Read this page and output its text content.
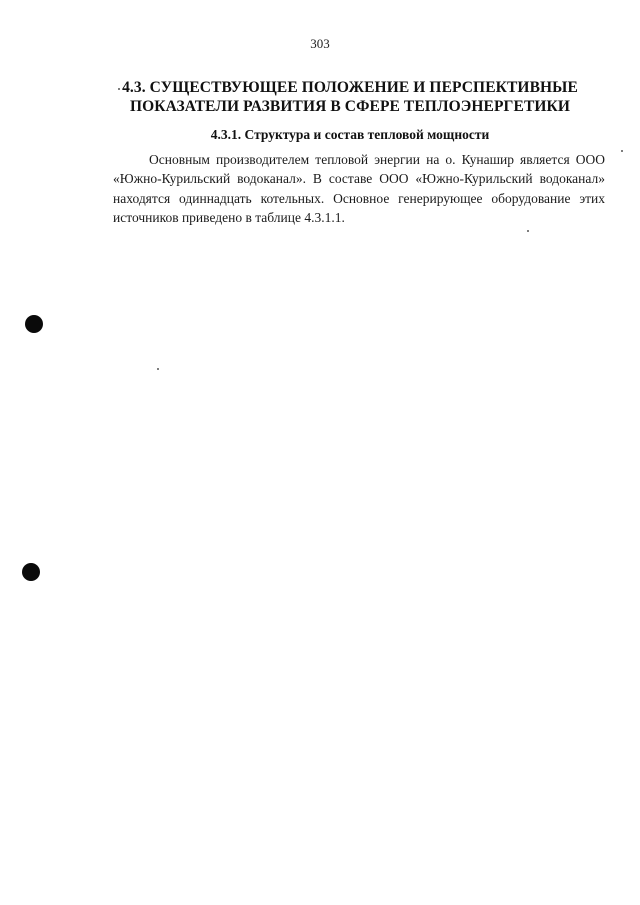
303
4.3. СУЩЕСТВУЮЩЕЕ ПОЛОЖЕНИЕ И ПЕРСПЕКТИВНЫЕ ПОКАЗАТЕЛИ РАЗВИТИЯ В СФЕРЕ ТЕПЛОЭНЕРГЕТИКИ
4.3.1. Структура и состав тепловой мощности

Основным производителем тепловой энергии на о. Кунашир является ООО «Южно-Курильский водоканал». В составе ООО «Южно-Курильский водоканал» находятся одиннадцать котельных. Основное генерирующее оборудование этих источников приведено в таблице 4.3.1.1.
